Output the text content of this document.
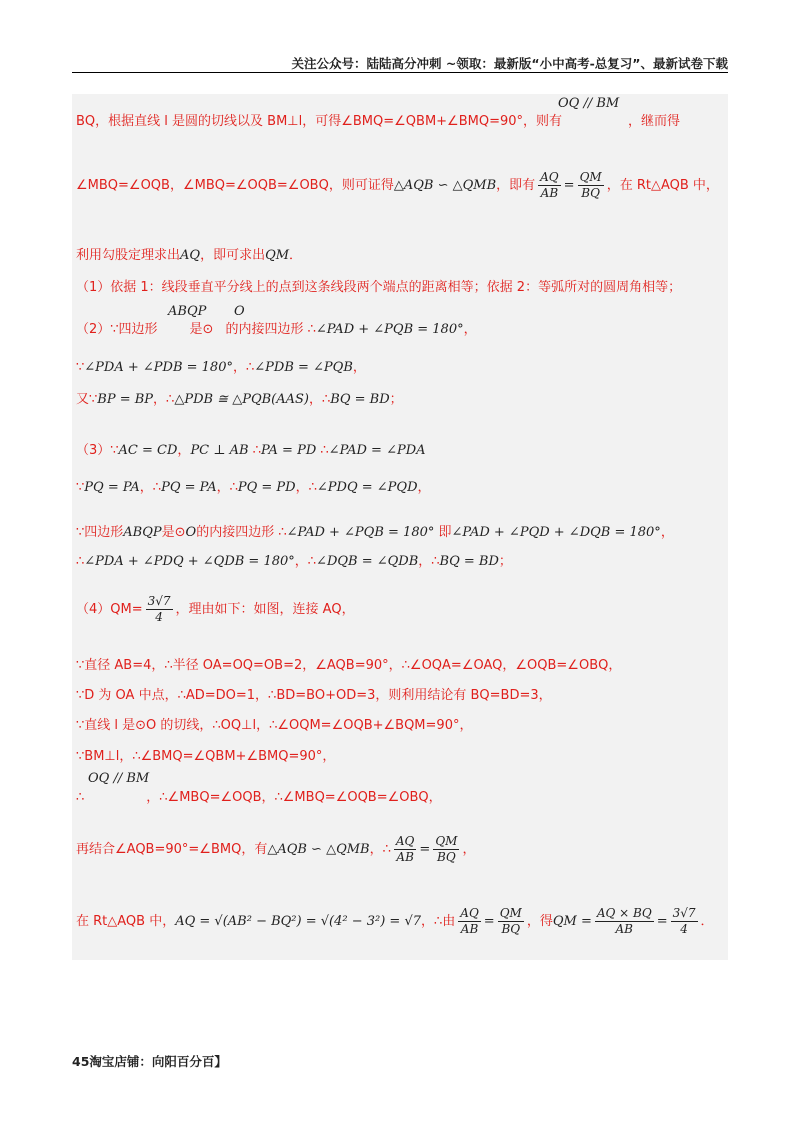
关注公众号：陆陆高分冲刺 ~领取：最新版“小中高考-总复习”、最新试卷下载
OQ // BM
BQ，根据直线 l 是圆的切线以及 BM⊥l，可得∠BMQ=∠QBM+∠BMQ=90°，则有	，继而得
∠MBQ=∠OQB，∠MBQ=∠OQB=∠OBQ，则可证得△AQB ∽ △QMB，即有 $\frac{AQ}{AB} = \frac{QM}{BQ}$ ，在 Rt△AQB 中，
利用勾股定理求出AQ，即可求出QM．
（1）依据 1：线段垂直平分线上的点到这条线段两个端点的距离相等；依据 2：等弧所对的圆周角相等；
ABQP O
（2）∵四边形 是⊙ 的内接四边形 ∴∠PAD + ∠PQB = 180°，
∵∠PDA + ∠PDB = 180°，∴∠PDB = ∠PQB，
又∵BP = BP，∴△PDB ≅ △PQB(AAS)，∴BQ = BD；
（3）∵AC = CD，PC ⊥ AB ∴PA = PD ∴∠PAD = ∠PDA
∵PQ = PA，∴PQ = PA，∴PQ = PD，∴∠PDQ = ∠PQD，
∵四边形ABQP是⊙O的内接四边形 ∴∠PAD + ∠PQB = 180° 即∠PAD + ∠PQD + ∠DQB = 180°，
∴∠PDA + ∠PDQ + ∠QDB = 180°，∴∠DQB = ∠QDB，∴BQ = BD；
$(4)QM= \frac{3√7}{4}$ ，理由如下：如图，连接 AQ，
∵直径 AB=4，∴半径 OA=OQ=OB=2，∠AQB=90°，∴∠OQA=∠OAQ，∠OQB=∠OBQ，
∵D 为 OA 中点，∴AD=DO=1，∴BD=BO+OD=3，则利用结论有 BQ=BD=3，
∵直线 l 是⊙O 的切线，∴OQ⊥l，∴∠OQM=∠OQB+∠BQM=90°，
∵BM⊥l，∴∠BMQ=∠QBM+∠BMQ=90°，
OQ // BM
∴	，∴∠MBQ=∠OQB，∴∠MBQ=∠OQB=∠OBQ，
再结合∠AQB=90°=∠BMQ，有△AQB ∽ △QMB，∴ $\frac{AQ}{AB} = \frac{QM}{BQ}$ ，
在 Rt△AQB 中，AQ = √(AB² − BQ²) = √(4² − 3²) = √7，∴由 $\frac{AQ}{AB} = \frac{QM}{BQ}$ ，得QM = $\frac{AQ \times BQ}{AB} = \frac{3√7}{4}$ ．
45淘宝店铺：向阳百分百】
